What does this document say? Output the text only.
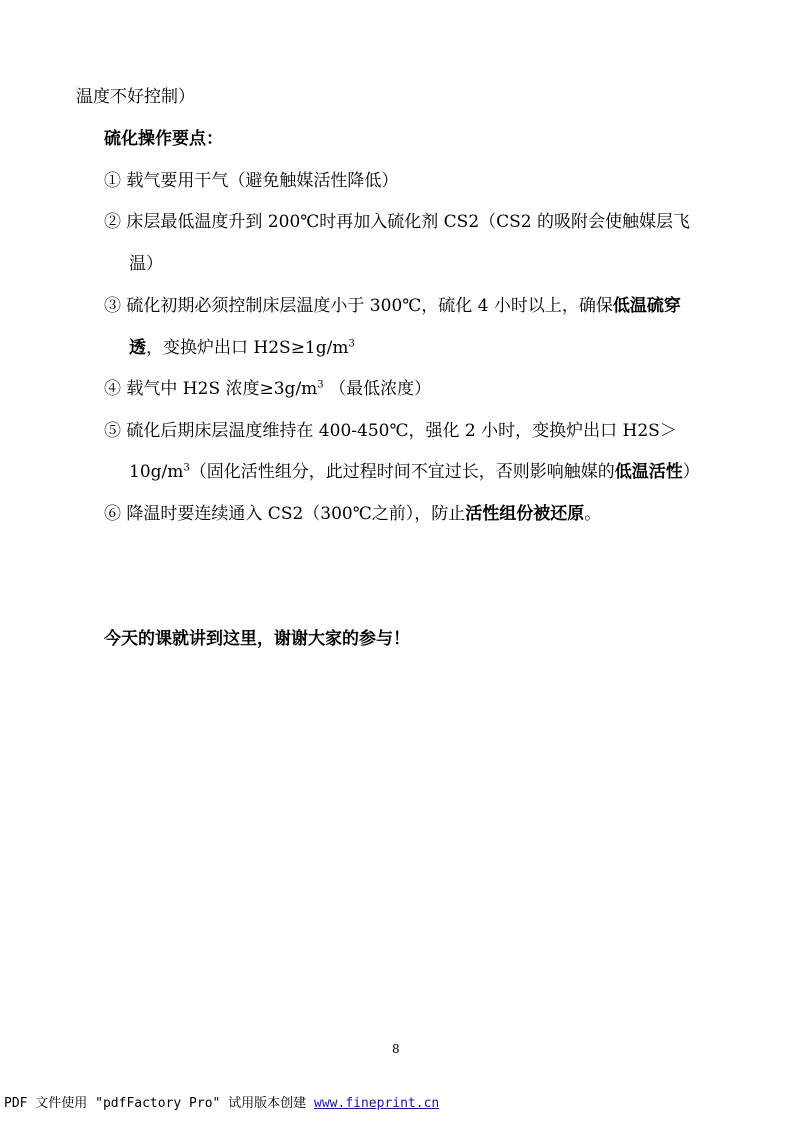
温度不好控制）
硫化操作要点：
① 载气要用干气（避免触媒活性降低）
② 床层最低温度升到 200℃时再加入硫化剂 CS2（CS2 的吸附会使触媒层飞
温）
③ 硫化初期必须控制床层温度小于 300℃，硫化 4 小时以上，确保低温硫穿
透，变换炉出口 $H2S\ge 1g/m^3$
④ 载气中 H2S 浓度$\ge 3g/m^3$ （最低浓度）
⑤ 硫化后期床层温度维持在 400-450℃，强化 2 小时，变换炉出口 H2S＞
$10g/m^3$（固化活性组分，此过程时间不宜过长，否则影响触媒的低温活性）
⑥ 降温时要连续通入 CS2（300℃之前），防止活性组份被还原。
今天的课就讲到这里，谢谢大家的参与！
8
PDF 文件使用 "pdfFactory Pro" 试用版本创建 www.fineprint.cn
